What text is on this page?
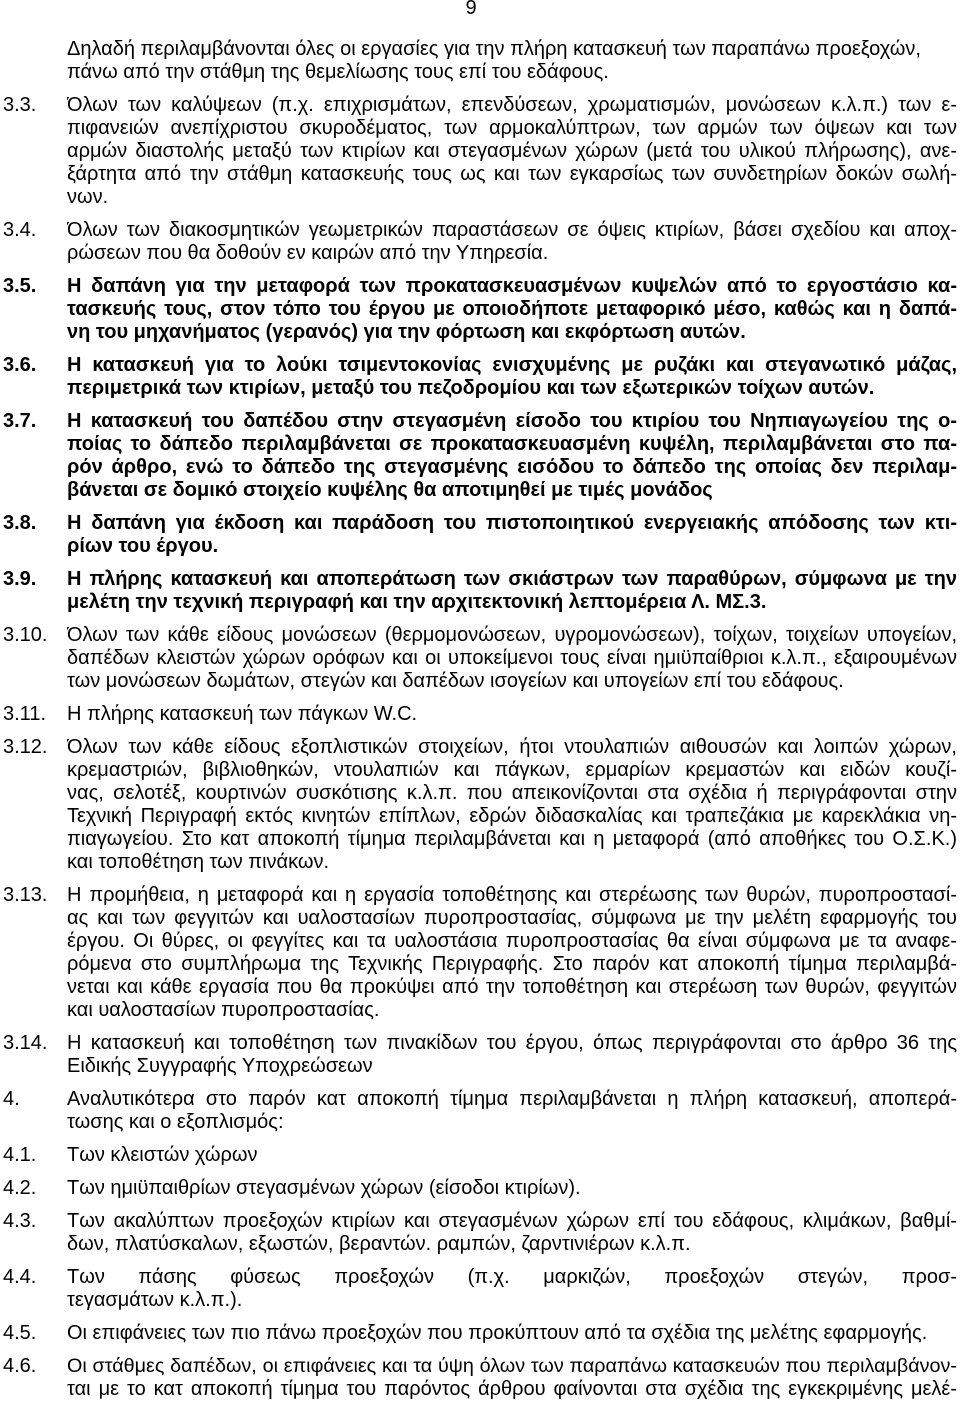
9
Δηλαδή περιλαμβάνονται όλες οι εργασίες για την πλήρη κατασκευή των παραπάνω προεξοχών,
πάνω από την στάθμη της θεμελίωσης τους επί του εδάφους.
3.3. Όλων των καλύψεων (π.χ. επιχρισμάτων, επενδύσεων, χρωματισμών, μονώσεων κ.λ.π.) των ε-
πιφανειών ανεπίχριστου σκυροδέματος, των αρμοκαλύπτρων, των αρμών των όψεων και των
αρμών διαστολής μεταξύ των κτιρίων και στεγασμένων χώρων (μετά του υλικού πλήρωσης), ανε-
ξάρτητα από την στάθμη κατασκευής τους ως και των εγκαρσίως των συνδετηρίων δοκών σωλή-
νων.
3.4. Όλων των διακοσμητικών γεωμετρικών παραστάσεων σε όψεις κτιρίων, βάσει σχεδίου και αποχ-
ρώσεων που θα δοθούν εν καιρών από την Υπηρεσία.
3.5. Η δαπάνη για την μεταφορά των προκατασκευασμένων κυψελών από το εργοστάσιο κα-
τασκευής τους, στον τόπο του έργου με οποιοδήποτε μεταφορικό μέσο, καθώς και η δαπά-
νη του μηχανήματος (γερανός) για την φόρτωση και εκφόρτωση αυτών.
3.6. Η κατασκευή για το λούκι τσιμεντοκονίας ενισχυμένης με ρυζάκι και στεγανωτικό μάζας,
περιμετρικά των κτιρίων, μεταξύ του πεζοδρομίου και των εξωτερικών τοίχων αυτών.
3.7. Η κατασκευή του δαπέδου στην στεγασμένη είσοδο του κτιρίου του Νηπιαγωγείου της ο-
ποίας το δάπεδο περιλαμβάνεται σε προκατασκευασμένη κυψέλη, περιλαμβάνεται στο πα-
ρόν άρθρο, ενώ το δάπεδο της στεγασμένης εισόδου το δάπεδο της οποίας δεν περιλαμ-
βάνεται σε δομικό στοιχείο κυψέλης θα αποτιμηθεί με τιμές μονάδος
3.8. Η δαπάνη για έκδοση και παράδοση του πιστοποιητικού ενεργειακής απόδοσης των κτι-
ρίων του έργου.
3.9. Η πλήρης κατασκευή και αποπεράτωση των σκιάστρων των παραθύρων, σύμφωνα με την
μελέτη την τεχνική περιγραφή και την αρχιτεκτονική λεπτομέρεια Λ. ΜΣ.3.
3.10. Όλων των κάθε είδους μονώσεων (θερμομονώσεων, υγρομονώσεων), τοίχων, τοιχείων υπογείων,
δαπέδων κλειστών χώρων ορόφων και οι υποκείμενοι τους είναι ημιϋπαίθριοι κ.λ.π., εξαιρουμένων
των μονώσεων δωμάτων, στεγών και δαπέδων ισογείων και υπογείων επί του εδάφους.
3.11. Η πλήρης κατασκευή των πάγκων W.C.
3.12. Όλων των κάθε είδους εξοπλιστικών στοιχείων, ήτοι ντουλαπιών αιθουσών και λοιπών χώρων,
κρεμαστριών, βιβλιοθηκών, ντουλαπιών και πάγκων, ερμαρίων κρεμαστών και ειδών κουζί-
νας, σελοτέξ, κουρτινών συσκότισης κ.λ.π. που απεικονίζονται στα σχέδια ή περιγράφονται στην
Τεχνική Περιγραφή εκτός κινητών επίπλων, εδρών διδασκαλίας και τραπεζάκια με καρεκλάκια νη-
πιαγωγείου. Στο κατ αποκοπή τίμημα περιλαμβάνεται και η μεταφορά (από αποθήκες του Ο.Σ.Κ.)
και τοποθέτηση των πινάκων.
3.13. Η προμήθεια, η μεταφορά και η εργασία τοποθέτησης και στερέωσης των θυρών, πυροπροστασί-
ας και των φεγγιτών και υαλοστασίων πυροπροστασίας, σύμφωνα με την μελέτη εφαρμογής του
έργου. Οι θύρες, οι φεγγίτες και τα υαλοστάσια πυροπροστασίας θα είναι σύμφωνα με τα αναφε-
ρόμενα στο συμπλήρωμα της Τεχνικής Περιγραφής. Στο παρόν κατ αποκοπή τίμημα περιλαμβά-
νεται και κάθε εργασία που θα προκύψει από την τοποθέτηση και στερέωση των θυρών, φεγγιτών
και υαλοστασίων πυροπροστασίας.
3.14. Η κατασκευή και τοποθέτηση των πινακίδων του έργου, όπως περιγράφονται στο άρθρο 36 της
Ειδικής Συγγραφής Υποχρεώσεων
4. Αναλυτικότερα στο παρόν κατ αποκοπή τίμημα περιλαμβάνεται η πλήρη κατασκευή, αποπερά-
τωσης και ο εξοπλισμός:
4.1. Των κλειστών χώρων
4.2. Των ημιϋπαιθρίων στεγασμένων χώρων (είσοδοι κτιρίων).
4.3. Των ακαλύπτων προεξοχών κτιρίων και στεγασμένων χώρων επί του εδάφους, κλιμάκων, βαθμί-
δων, πλατύσκαλων, εξωστών, βεραντών. ραμπών, ζαρντινιέρων κ.λ.π.
4.4. Των πάσης φύσεως προεξοχών (π.χ. μαρκιζών, προεξοχών στεγών, προσ-
τεγασμάτων κ.λ.π.).
4.5. Οι επιφάνειες των πιο πάνω προεξοχών που προκύπτουν από τα σχέδια της μελέτης εφαρμογής.
4.6. Οι στάθμες δαπέδων, οι επιφάνειες και τα ύψη όλων των παραπάνω κατασκευών που περιλαμβάνον-
ται με το κατ αποκοπή τίμημα του παρόντος άρθρου φαίνονται στα σχέδια της εγκεκριμένης μελέ-
